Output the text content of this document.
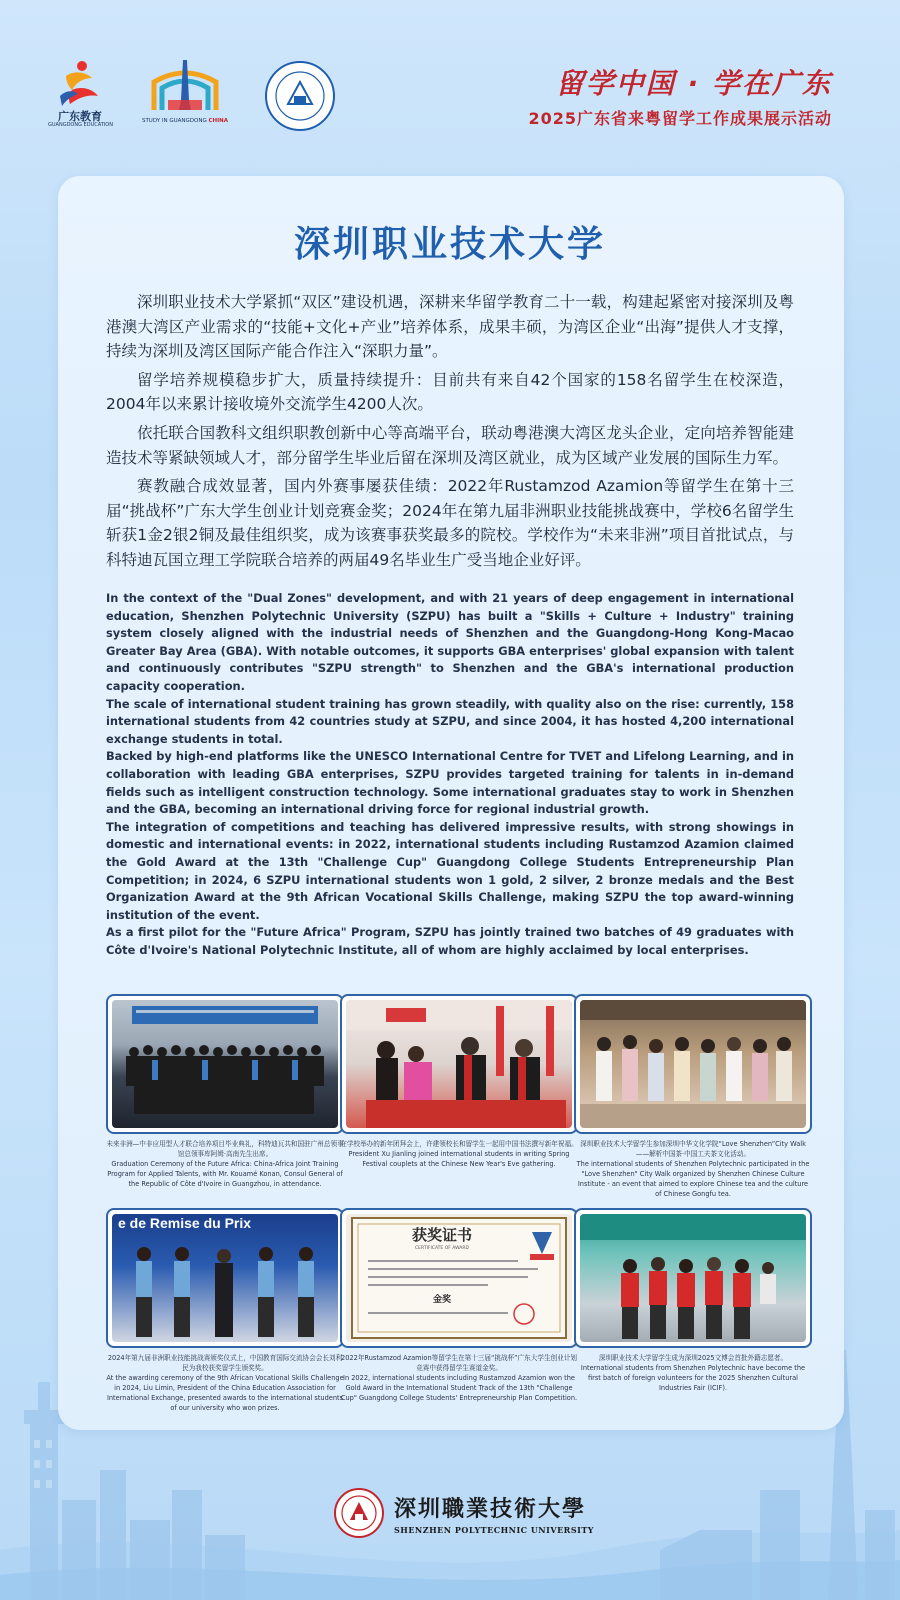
广东教育
GUANGDONG EDUCATION
STUDY IN GUANGDONG CHINA
留学中国 · 学在广东
2025广东省来粤留学工作成果展示活动
深圳职业技术大学

深圳职业技术大学紧抓“双区”建设机遇，深耕来华留学教育二十一载，构建起紧密对接深圳及粤港澳大湾区产业需求的“技能+文化+产业”培养体系，成果丰硕，为湾区企业“出海”提供人才支撑，持续为深圳及湾区国际产能合作注入“深职力量”。

留学培养规模稳步扩大，质量持续提升：目前共有来自42个国家的158名留学生在校深造，2004年以来累计接收境外交流学生4200人次。

依托联合国教科文组织职教创新中心等高端平台，联动粤港澳大湾区龙头企业，定向培养智能建造技术等紧缺领域人才，部分留学生毕业后留在深圳及湾区就业，成为区域产业发展的国际生力军。

赛教融合成效显著，国内外赛事屡获佳绩：2022年Rustamzod Azamion等留学生在第十三届“挑战杯”广东大学生创业计划竞赛金奖；2024年在第九届非洲职业技能挑战赛中，学校6名留学生斩获1金2银2铜及最佳组织奖，成为该赛事获奖最多的院校。学校作为“未来非洲”项目首批试点，与科特迪瓦国立理工学院联合培养的两届49名毕业生广受当地企业好评。

In the context of the "Dual Zones" development, and with 21 years of deep engagement in international education, Shenzhen Polytechnic University (SZPU) has built a "Skills + Culture + Industry" training system closely aligned with the industrial needs of Shenzhen and the Guangdong-Hong Kong-Macao Greater Bay Area (GBA). With notable outcomes, it supports GBA enterprises' global expansion with talent and continuously contributes "SZPU strength" to Shenzhen and the GBA's international production capacity cooperation.

The scale of international student training has grown steadily, with quality also on the rise: currently, 158 international students from 42 countries study at SZPU, and since 2004, it has hosted 4,200 international exchange students in total.

Backed by high-end platforms like the UNESCO International Centre for TVET and Lifelong Learning, and in collaboration with leading GBA enterprises, SZPU provides targeted training for talents in in-demand fields such as intelligent construction technology. Some international graduates stay to work in Shenzhen and the GBA, becoming an international driving force for regional industrial growth.

The integration of competitions and teaching has delivered impressive results, with strong showings in domestic and international events: in 2022, international students including Rustamzod Azamion claimed the Gold Award at the 13th "Challenge Cup" Guangdong College Students Entrepreneurship Plan Competition; in 2024, 6 SZPU international students won 1 gold, 2 silver, 2 bronze medals and the Best Organization Award at the 9th African Vocational Skills Challenge, making SZPU the top award-winning institution of the event.

As a first pilot for the "Future Africa" Program, SZPU has jointly trained two batches of 49 graduates with Côte d'Ivoire's National Polytechnic Institute, all of whom are highly acclaimed by local enterprises.

未来非洲—中非应用型人才联合培养项目毕业典礼，科特迪瓦共和国驻广州总领事馆总领事库阿姆·高南先生出席。
Graduation Ceremony of the Future Africa: China-Africa Joint Training Program for Applied Talents, with Mr. Kouamé Konan, Consul General of the Republic of Côte d'Ivoire in Guangzhou, in attendance.
在学校举办的新年团拜会上，许建领校长和留学生一起用中国书法撰写新年祝福。
President Xu Jianling joined international students in writing Spring Festival couplets at the Chinese New Year's Eve gathering.
深圳职业技术大学留学生参加深圳中华文化学院“Love Shenzhen”City Walk——解析中国茶·中国工夫茶文化活动。
The international students of Shenzhen Polytechnic participated in the "Love Shenzhen" City Walk organized by Shenzhen Chinese Culture Institute - an event that aimed to explore Chinese tea and the culture of Chinese Gongfu tea.
e de Remise du Prix
2024年第九届非洲职业技能挑战赛颁奖仪式上，中国教育国际交流协会会长刘利民为我校获奖留学生颁奖奖。
At the awarding ceremony of the 9th African Vocational Skills Challenge in 2024, Liu Limin, President of the China Education Association for International Exchange, presented awards to the international students of our university who won prizes.
获奖证书
CERTIFICATE OF AWARD
金奖
2022年Rustamzod Azamion等留学生在第十三届“挑战杯”广东大学生创业计划竞赛中获得留学生赛道金奖。
In 2022, international students including Rustamzod Azamion won the Gold Award in the International Student Track of the 13th "Challenge Cup" Guangdong College Students' Entrepreneurship Plan Competition.
深圳职业技术大学留学生成为深圳2025文博会首批外籍志愿者。
International students from Shenzhen Polytechnic have become the first batch of foreign volunteers for the 2025 Shenzhen Cultural Industries Fair (ICIF).
深圳職業技術大學
SHENZHEN POLYTECHNIC UNIVERSITY
